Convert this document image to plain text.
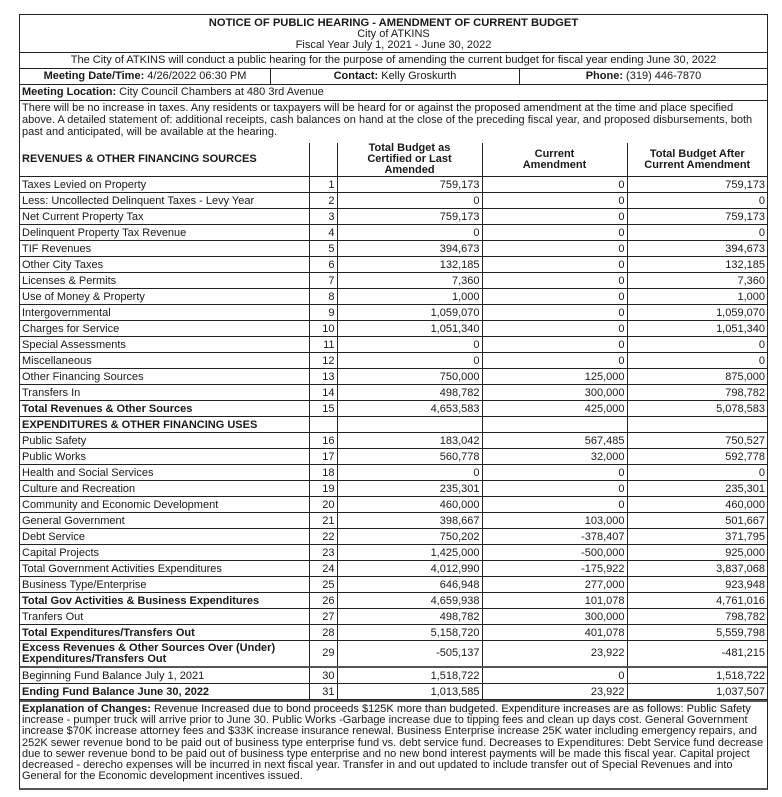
NOTICE OF PUBLIC HEARING - AMENDMENT OF CURRENT BUDGET
City of ATKINS
Fiscal Year July 1, 2021 - June 30, 2022
The City of ATKINS will conduct a public hearing for the purpose of amending the current budget for fiscal year ending June 30, 2022
Meeting Date/Time: 4/26/2022 06:30 PM	Contact: Kelly Groskurth	Phone: (319) 446-7870
Meeting Location: City Council Chambers at 480 3rd Avenue
There will be no increase in taxes. Any residents or taxpayers will be heard for or against the proposed amendment at the time and place specified above. A detailed statement of: additional receipts, cash balances on hand at the close of the preceding fiscal year, and proposed disbursements, both past and anticipated, will be available at the hearing.
REVENUES & OTHER FINANCING SOURCES		Total Budget as Certified or Last Amended	Current Amendment	Total Budget After Current Amendment

Taxes Levied on Property	1	759,173	0	759,173
Less: Uncollected Delinquent Taxes - Levy Year	2	0	0	0
Net Current Property Tax	3	759,173	0	759,173
Delinquent Property Tax Revenue	4	0	0	0
TIF Revenues	5	394,673	0	394,673
Other City Taxes	6	132,185	0	132,185
Licenses & Permits	7	7,360	0	7,360
Use of Money & Property	8	1,000	0	1,000
Intergovernmental	9	1,059,070	0	1,059,070
Charges for Service	10	1,051,340	0	1,051,340
Special Assessments	11	0	0	0
Miscellaneous	12	0	0	0
Other Financing Sources	13	750,000	125,000	875,000
Transfers In	14	498,782	300,000	798,782
Total Revenues & Other Sources	15	4,653,583	425,000	5,078,583
EXPENDITURES & OTHER FINANCING USES				
Public Safety	16	183,042	567,485	750,527
Public Works	17	560,778	32,000	592,778
Health and Social Services	18	0	0	0
Culture and Recreation	19	235,301	0	235,301
Community and Economic Development	20	460,000	0	460,000
General Government	21	398,667	103,000	501,667
Debt Service	22	750,202	-378,407	371,795
Capital Projects	23	1,425,000	-500,000	925,000
Total Government Activities Expenditures	24	4,012,990	-175,922	3,837,068
Business Type/Enterprise	25	646,948	277,000	923,948
Total Gov Activities & Business Expenditures	26	4,659,938	101,078	4,761,016
Tranfers Out	27	498,782	300,000	798,782
Total Expenditures/Transfers Out	28	5,158,720	401,078	5,559,798
Excess Revenues & Other Sources Over (Under) Expenditures/Transfers Out	29	-505,137	23,922	-481,215
Beginning Fund Balance July 1, 2021	30	1,518,722	0	1,518,722
Ending Fund Balance June 30, 2022	31	1,013,585	23,922	1,037,507
Explanation of Changes: Revenue Increased due to bond proceeds $125K more than budgeted. Expenditure increases are as follows: Public Safety increase - pumper truck will arrive prior to June 30. Public Works -Garbage increase due to tipping fees and clean up days cost. General Government increase $70K increase attorney fees and $33K increase insurance renewal. Business Enterprise increase 25K water including emergency repairs, and 252K sewer revenue bond to be paid out of business type enterprise fund vs. debt service fund. Decreases to Expenditures: Debt Service fund decrease due to sewer revenue bond to be paid out of business type enterprise and no new bond interest payments will be made this fiscal year. Capital project decreased - derecho expenses will be incurred in next fiscal year. Transfer in and out updated to include transfer out of Special Revenues and into General for the Economic development incentives issued.
